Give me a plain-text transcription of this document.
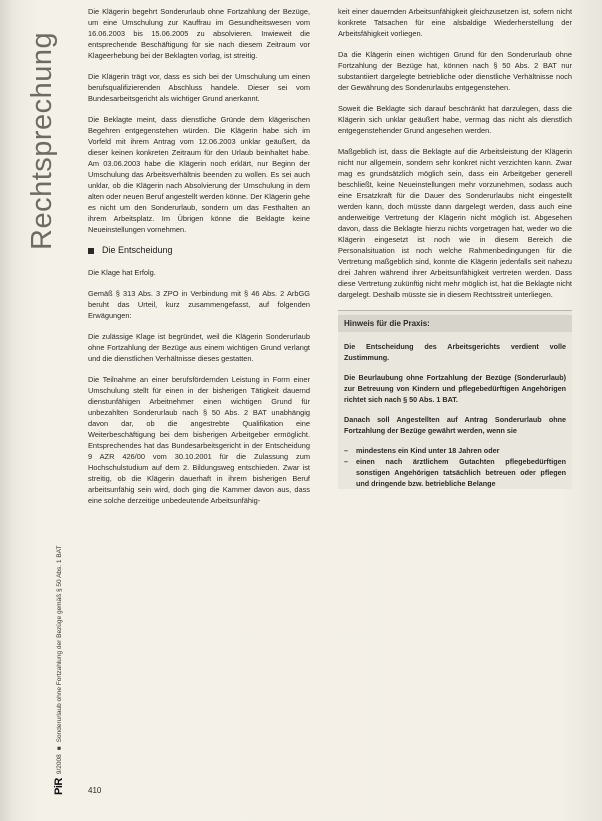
Rechtsprechung
PiR
9/2008
■
Sonderurlaub ohne Fortzahlung der Bezüge gemäß § 50 Abs. 1 BAT
410

Die Klägerin begehrt Sonderurlaub ohne Fortzahlung der Bezüge, um eine Umschulung zur Kauffrau im Gesundheitswesen vom 16.06.2003 bis 15.06.2005 zu absolvieren. Inwieweit die entsprechende Beschäftigung für sie nach diesem Zeitraum vor Klageerhebung bei der Beklagten vorlag, ist streitig.

Die Klägerin trägt vor, dass es sich bei der Umschulung um einen berufsqualifizierenden Abschluss handele. Dieser sei vom Bundesarbeitsgericht als wichtiger Grund anerkannt.

Die Beklagte meint, dass dienstliche Gründe dem klägerischen Begehren entgegenstehen würden. Die Klägerin habe sich im Vorfeld mit ihrem Antrag vom 12.06.2003 unklar geäußert, da dieser keinen konkreten Zeitraum für den Urlaub beinhaltet habe. Am 03.06.2003 habe die Klägerin noch erklärt, nur Beginn der Umschulung das Arbeitsverhältnis beenden zu wollen. Es sei auch unklar, ob die Klägerin nach Absolvierung der Umschulung in dem alten oder neuen Beruf angestellt werden könne. Der Klägerin gehe es nicht um den Sonderurlaub, sondern um das Festhalten an ihrem Arbeitsplatz. Im Übrigen könne die Beklagte keine Neueinstellungen vornehmen.

Die Entscheidung

Die Klage hat Erfolg.

Gemäß § 313 Abs. 3 ZPO in Verbindung mit § 46 Abs. 2 ArbGG beruht das Urteil, kurz zusammengefasst, auf folgenden Erwägungen:

Die zulässige Klage ist begründet, weil die Klägerin Sonderurlaub ohne Fortzahlung der Bezüge aus einem wichtigen Grund verlangt und die dienstlichen Verhältnisse dieses gestatten.

Die Teilnahme an einer berufsfördernden Leistung in Form einer Umschulung stellt für einen in der bisherigen Tätigkeit dauernd dienstunfähigen Arbeitnehmer einen wichtigen Grund für unbezahlten Sonderurlaub nach § 50 Abs. 2 BAT unabhängig davon dar, ob die angestrebte Qualifikation eine Weiterbeschäftigung bei dem bisherigen Arbeitgeber ermöglicht. Entsprechendes hat das Bundesarbeitsgericht in der Entscheidung 9 AZR 426/00 vom 30.10.2001 für die Zulassung zum Hochschulstudium auf dem 2. Bildungsweg entschieden. Zwar ist streitig, ob die Klägerin dauerhaft in ihrem bisherigen Beruf arbeitsunfähig sein wird, doch ging die Kammer davon aus, dass eine solche derzeitige unbedeutende Arbeitsunfähig-

keit einer dauernden Arbeitsunfähigkeit gleichzusetzen ist, sofern nicht konkrete Tatsachen für eine alsbaldige Wiederherstellung der Arbeitsfähigkeit vorliegen.

Da die Klägerin einen wichtigen Grund für den Sonderurlaub ohne Fortzahlung der Bezüge hat, können nach § 50 Abs. 2 BAT nur substantiiert dargelegte betriebliche oder dienstliche Verhältnisse noch der Gewährung des Sonderurlaubs entgegenstehen.

Soweit die Beklagte sich darauf beschränkt hat darzulegen, dass die Klägerin sich unklar geäußert habe, vermag das nicht als dienstlich entgegenstehender Grund angesehen werden.

Maßgeblich ist, dass die Beklagte auf die Arbeitsleistung der Klägerin nicht nur allgemein, sondern sehr konkret nicht verzichten kann. Zwar mag es grundsätzlich möglich sein, dass ein Arbeitgeber generell beschließt, keine Neueinstellungen mehr vorzunehmen, sodass auch eine Ersatzkraft für die Dauer des Sonderurlaubs nicht eingestellt werden kann, doch müsste dann dargelegt werden, dass auch eine anderweitige Vertretung der Klägerin nicht möglich ist. Abgesehen davon, dass die Beklagte hierzu nichts vorgetragen hat, weder wo die Klägerin eingesetzt ist noch wie in diesem Bereich die Personalsituation ist noch welche Rahmenbedingungen für die Vertretung maßgeblich sind, konnte die Klägerin jedenfalls seit nahezu drei Jahren während ihrer Arbeitsunfähigkeit vertreten werden. Dass diese Vertretung zukünftig nicht mehr möglich ist, hat die Beklagte nicht dargelegt. Deshalb müsste sie in diesem Rechtsstreit unterliegen.

Hinweis für die Praxis:

Die Entscheidung des Arbeitsgerichts verdient volle Zustimmung.

Die Beurlaubung ohne Fortzahlung der Bezüge (Sonderurlaub) zur Betreuung von Kindern und pflegebedürftigen Angehörigen richtet sich nach § 50 Abs. 1 BAT.

Danach soll Angestellten auf Antrag Sonderurlaub ohne Fortzahlung der Bezüge gewährt werden, wenn sie

– mindestens ein Kind unter 18 Jahren oder
– einen nach ärztlichem Gutachten pflegebedürftigen sonstigen Angehörigen tatsächlich betreuen oder pflegen und dringende bzw. betriebliche Belange
